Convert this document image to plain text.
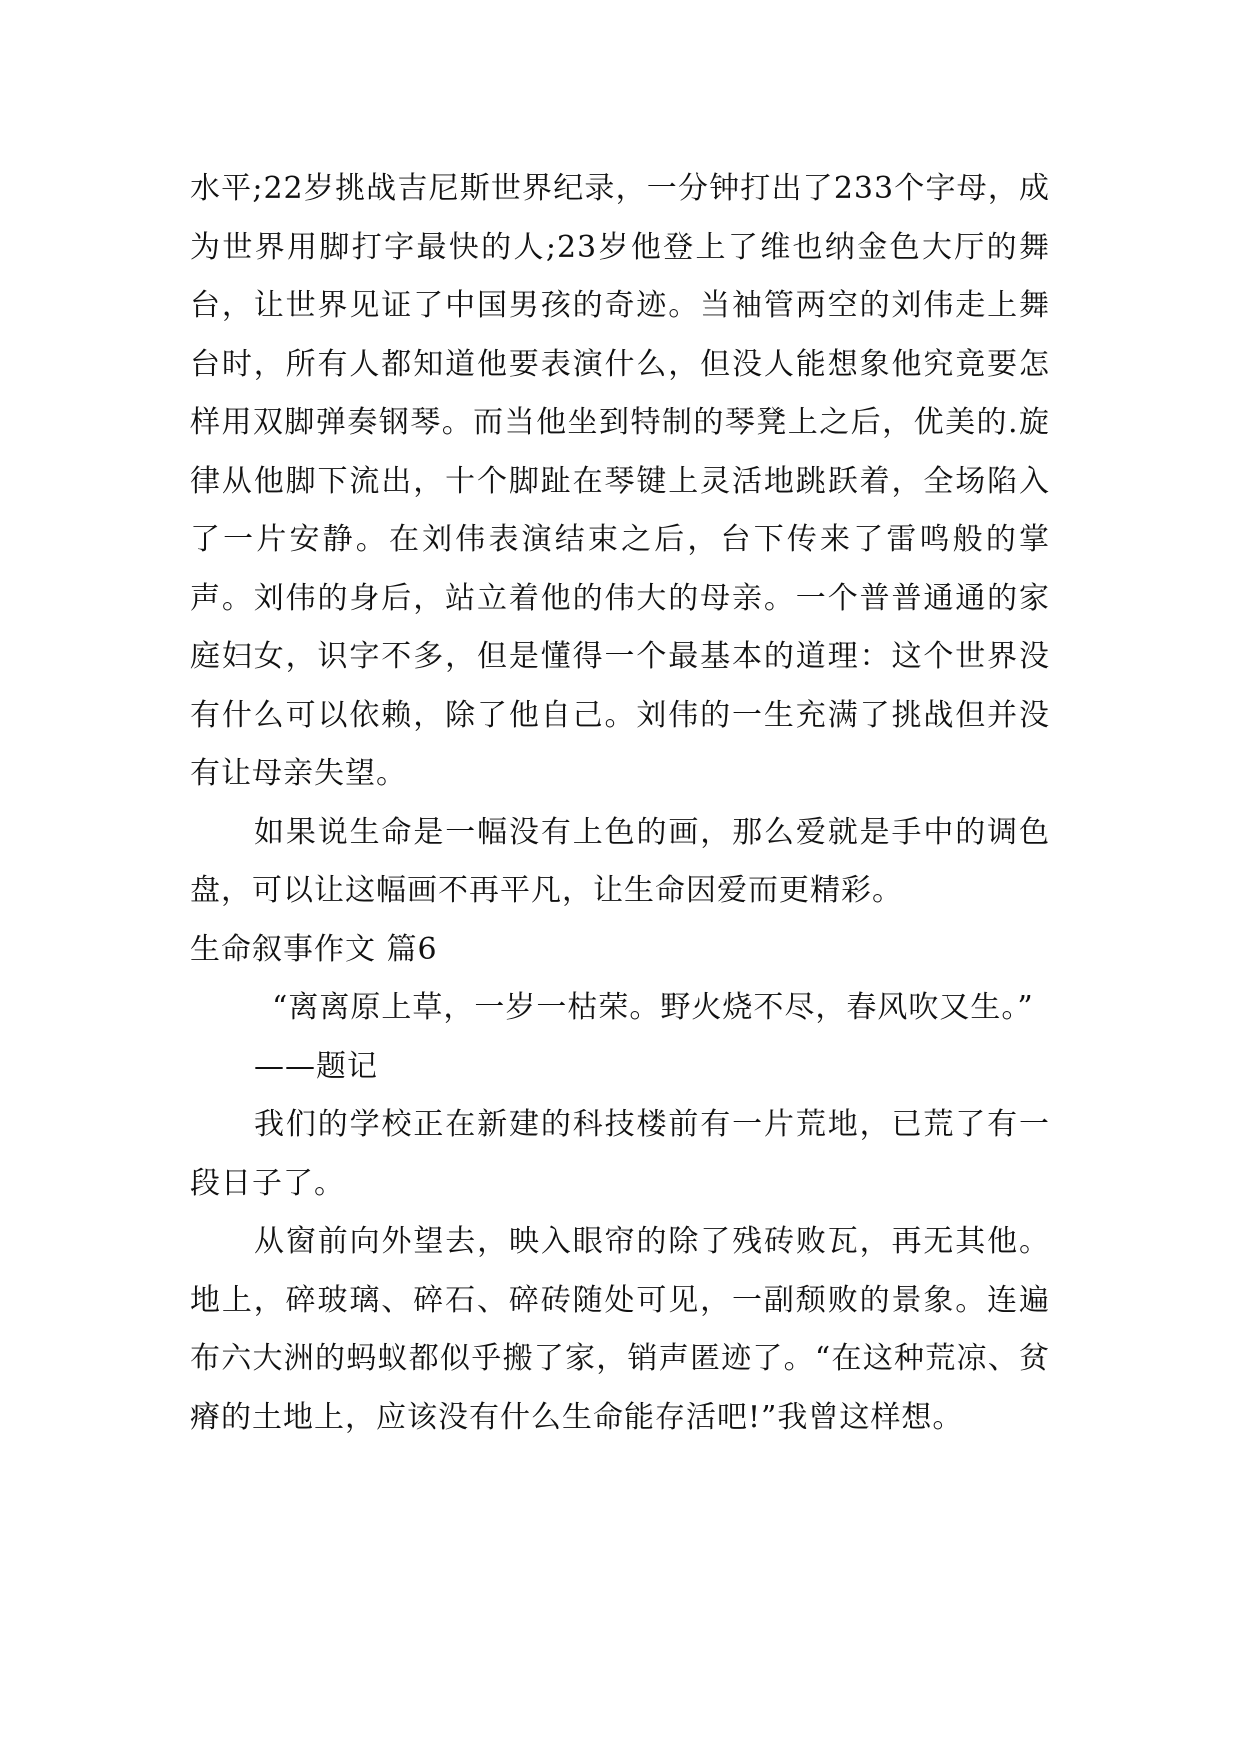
水平;22岁挑战吉尼斯世界纪录，一分钟打出了233个字母，成为世界用脚打字最快的人;23岁他登上了维也纳金色大厅的舞台，让世界见证了中国男孩的奇迹。当袖管两空的刘伟走上舞台时，所有人都知道他要表演什么，但没人能想象他究竟要怎样用双脚弹奏钢琴。而当他坐到特制的琴凳上之后，优美的.旋律从他脚下流出，十个脚趾在琴键上灵活地跳跃着，全场陷入了一片安静。在刘伟表演结束之后，台下传来了雷鸣般的掌声。刘伟的身后，站立着他的伟大的母亲。一个普普通通的家庭妇女，识字不多，但是懂得一个最基本的道理：这个世界没有什么可以依赖，除了他自己。刘伟的一生充满了挑战但并没有让母亲失望。

如果说生命是一幅没有上色的画，那么爱就是手中的调色盘，可以让这幅画不再平凡，让生命因爱而更精彩。

生命叙事作文 篇6

“离离原上草，一岁一枯荣。野火烧不尽，春风吹又生。”

——题记

我们的学校正在新建的科技楼前有一片荒地，已荒了有一段日子了。

从窗前向外望去，映入眼帘的除了残砖败瓦，再无其他。地上，碎玻璃、碎石、碎砖随处可见，一副颓败的景象。连遍布六大洲的蚂蚁都似乎搬了家，销声匿迹了。“在这种荒凉、贫瘠的土地上，应该没有什么生命能存活吧!”我曾这样想。
